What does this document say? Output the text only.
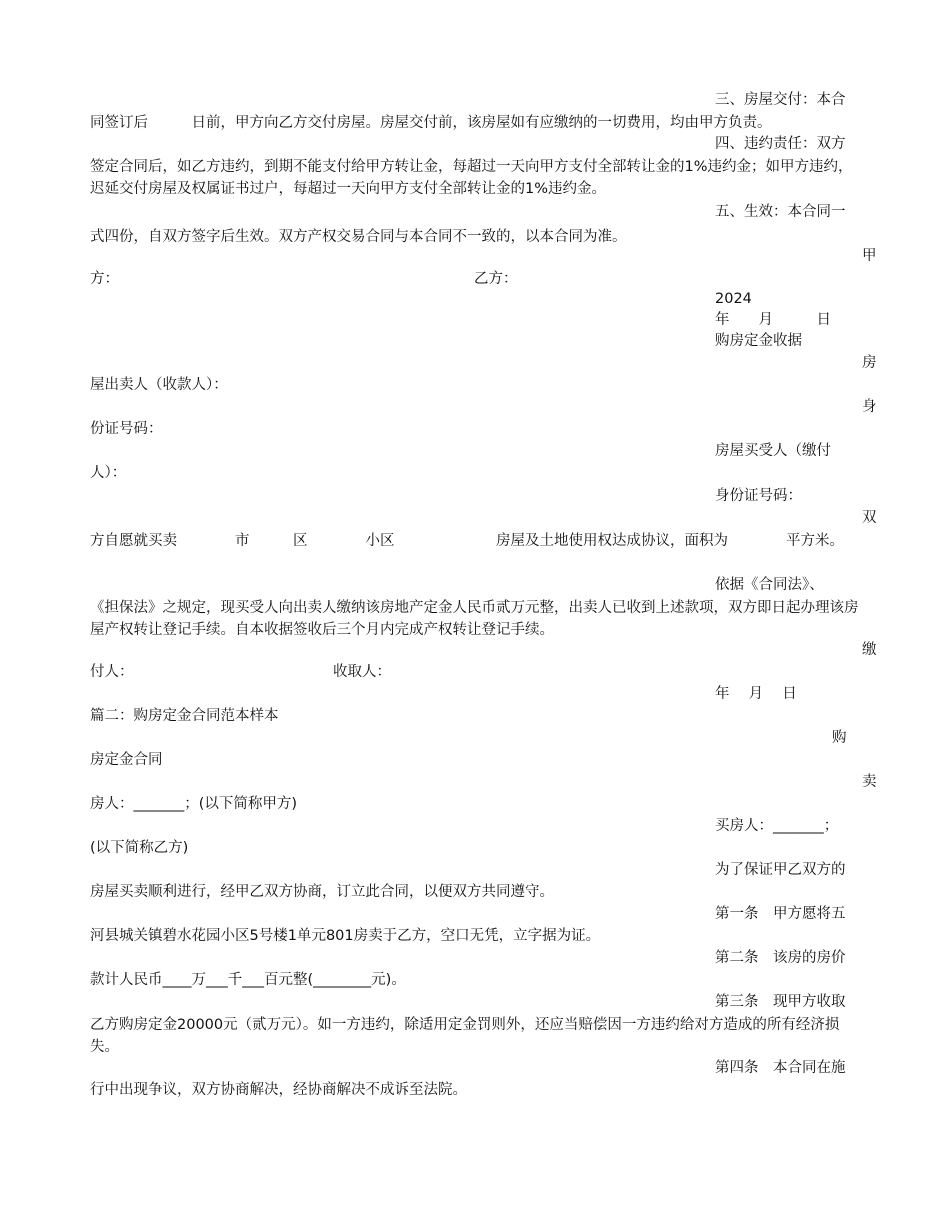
三、房屋交付：本合
同签订后　　　日前，甲方向乙方交付房屋。房屋交付前，该房屋如有应缴纳的一切费用，均由甲方负责。
四、违约责任：双方
签定合同后，如乙方违约，到期不能支付给甲方转让金，每超过一天向甲方支付全部转让金的1%违约金；如甲方违约，迟延交付房屋及权属证书过户，每超过一天向甲方支付全部转让金的1%违约金。
五、生效：本合同一
式四份，自双方签字后生效。双方产权交易合同与本合同不一致的，以本合同为准。
甲
方：	乙方：
2024
年　　月　　　日
购房定金收据
房
屋出卖人（收款人）：
身
份证号码：
房屋买受人（缴付
人）：
身份证号码：
双
方自愿就买卖　　　　市　　　区　　　　小区　　　　　　　房屋及土地使用权达成协议，面积为　　　　平方米。
依据《合同法》、
《担保法》之规定，现买受人向出卖人缴纳该房地产定金人民币贰万元整，出卖人已收到上述款项，双方即日起办理该房屋产权转让登记手续。自本收据签收后三个月内完成产权转让登记手续。
缴
付人：	收取人：
年　 月　 日
篇二：购房定金合同范本样本
购
房定金合同
卖
房人：_______；(以下简称甲方)
买房人：_______；
(以下简称乙方)
为了保证甲乙双方的
房屋买卖顺利进行，经甲乙双方协商，订立此合同，以便双方共同遵守。
第一条　甲方愿将五
河县城关镇碧水花园小区5号楼1单元801房卖于乙方，空口无凭，立字据为证。
第二条　该房的房价
款计人民币____万___千___百元整(________元)。
第三条　现甲方收取
乙方购房定金20000元（贰万元）。如一方违约，除适用定金罚则外，还应当赔偿因一方违约给对方造成的所有经济损失。
第四条　本合同在施
行中出现争议，双方协商解决，经协商解决不成诉至法院。
